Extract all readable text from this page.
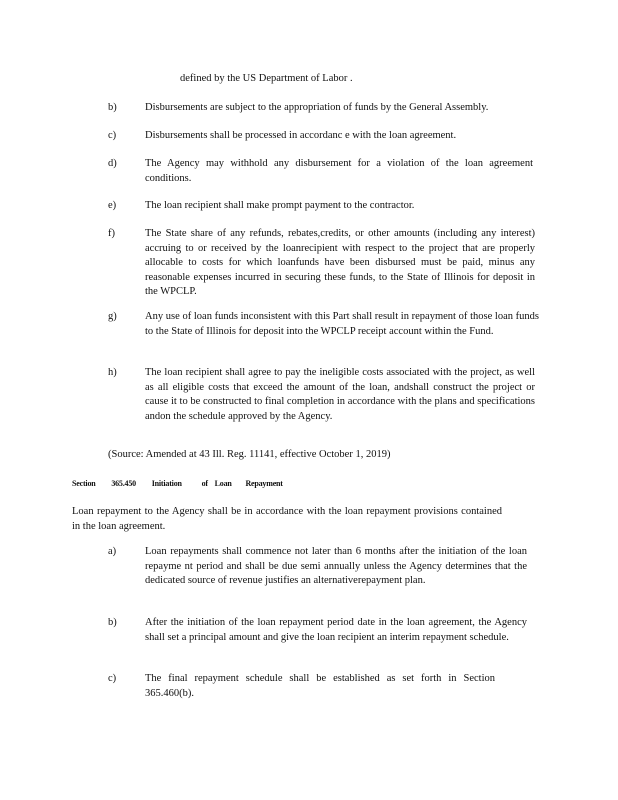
defined by the US Department of Labor .
b)	Disbursements are subject to the appropriation of funds by the General Assembly.
c)	Disbursements shall be processed in accordanc e with the loan agreement.
d)	The Agency may withhold any disbursement for a violation of the loan agreement conditions.
e)	The loan recipient shall make prompt payment to the contractor.
f)	The State share of any refunds, rebates,credits, or other amounts (including any interest) accruing to or received by the loanrecipient with respect to the project that are properly allocable to costs for which loanfunds have been disbursed must be paid, minus any reasonable expenses incurred in securing these funds, to the State of Illinois for deposit in the WPCLP.
g)	Any use of loan funds inconsistent with this Part shall result in repayment of those loan funds to the State of Illinois for deposit into the WPCLP receipt account within the Fund.
h)	The loan recipient shall agree to pay the ineligible costs associated with the project, as well as all eligible costs that exceed the amount of the loan, andshall construct the project or cause it to be constructed to final completion in accordance with the plans and specifications andon the schedule approved by the Agency.
(Source: Amended at 43 Ill. Reg. 11141, effective October 1, 2019)
Section 365.450 Initiation of Loan Repayment
Loan repayment to the Agency shall be in accordance with the loan repayment provisions contained in the loan agreement.
a)	Loan repayments shall commence not later than 6 months after the initiation of the loan repayme nt period and shall be due semi annually unless the Agency determines that the dedicated source of revenue justifies an alternativerepayment plan.
b)	After the initiation of the loan repayment period date in the loan agreement, the Agency shall set a principal amount and give the loan recipient an interim repayment schedule.
c)	The final repayment schedule shall be established as set forth in Section 365.460(b).
